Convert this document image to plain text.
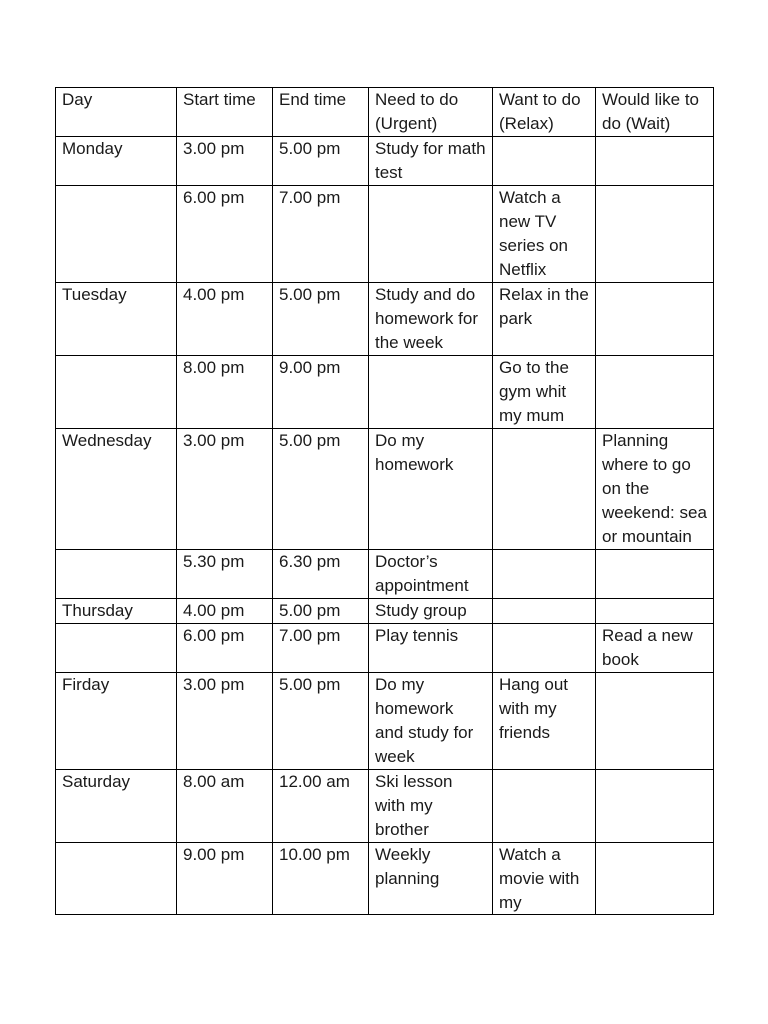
Day	Start time	End time	Need to do (Urgent)	Want to do (Relax)	Would like to do (Wait)
Monday	3.00 pm	5.00 pm	Study for math test		
	6.00 pm	7.00 pm		Watch a new TV series on Netflix	
Tuesday	4.00 pm	5.00 pm	Study and do homework for the week	Relax in the park	
	8.00 pm	9.00 pm		Go to the gym whit my mum	
Wednesday	3.00 pm	5.00 pm	Do my homework		Planning where to go on the weekend: sea or mountain
	5.30 pm	6.30 pm	Doctor’s appointment		
Thursday	4.00 pm	5.00 pm	Study group		
	6.00 pm	7.00 pm	Play tennis		Read a new book
Firday	3.00 pm	5.00 pm	Do my homework and study for week	Hang out with my friends	
Saturday	8.00 am	12.00 am	Ski lesson with my brother		

	9.00 pm	10.00 pm	Weekly planning	Watch a movie with my	
